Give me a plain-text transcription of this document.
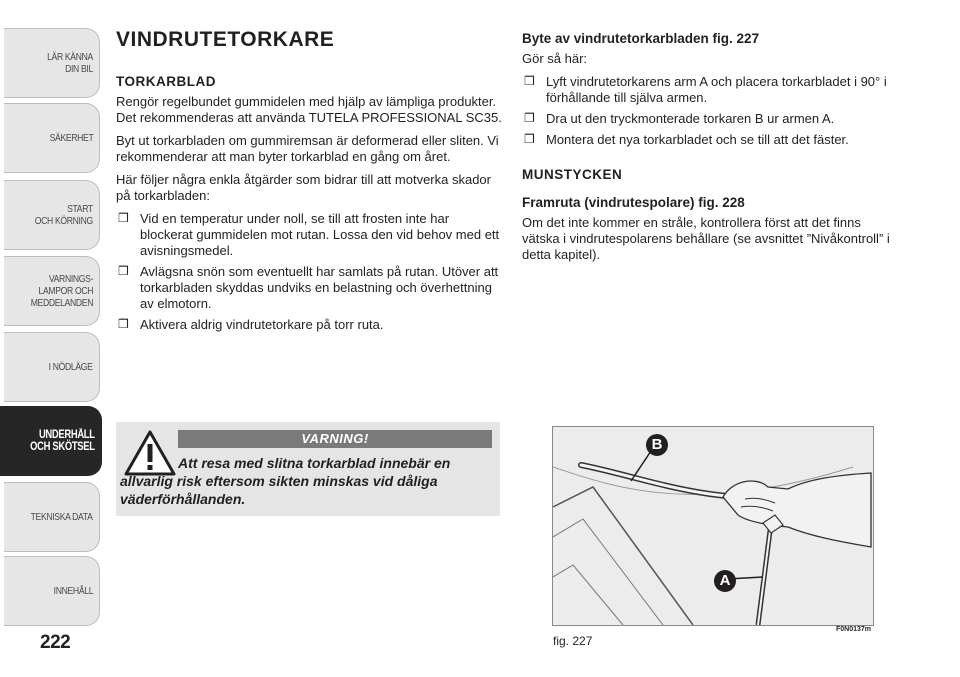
LÄR KÄNNA
DIN BIL
SÄKERHET
START
OCH KÖRNING
VARNINGS-
LAMPOR OCH
MEDDELANDEN
I NÖDLÄGE
UNDERHÅLL
OCH SKÖTSEL
TEKNISKA DATA
INNEHÅLL
222
VINDRUTETORKARE
TORKARBLAD

Rengör regelbundet gummidelen med hjälp av lämpliga produkter. Det rekommenderas att använda TUTELA PROFESSIONAL SC35.

Byt ut torkarbladen om gummiremsan är deformerad eller sliten. Vi rekommenderar att man byter torkarblad en gång om året.

Här följer några enkla åtgärder som bidrar till att motverka skador på torkarbladen:

❒ Vid en temperatur under noll, se till att frosten inte har blockerat gummidelen mot rutan. Lossa den vid behov med ett avisningsmedel.
❒ Avlägsna snön som eventuellt har samlats på rutan. Utöver att torkarbladen skyddas undviks en belastning och överhettning av elmotorn.
❒ Aktivera aldrig vindrutetorkare på torr ruta.
VARNING!
Att resa med slitna torkarblad innebär en allvarlig risk eftersom sikten minskas vid dåliga väderförhållanden.
Byte av vindrutetorkarbladen fig. 227

Gör så här:

❒ Lyft vindrutetorkarens arm A och placera torkarbladet i 90° i förhållande till själva armen.
❒ Dra ut den tryckmonterade torkaren B ur armen A.
❒ Montera det nya torkarbladet och se till att det fäster.
MUNSTYCKEN
Framruta (vindrutespolare) fig. 228

Om det inte kommer en stråle, kontrollera först att det finns vätska i vindrutespolarens behållare (se avsnittet ”Nivåkontroll” i detta kapitel).

B
A
F0N0137m
fig. 227
